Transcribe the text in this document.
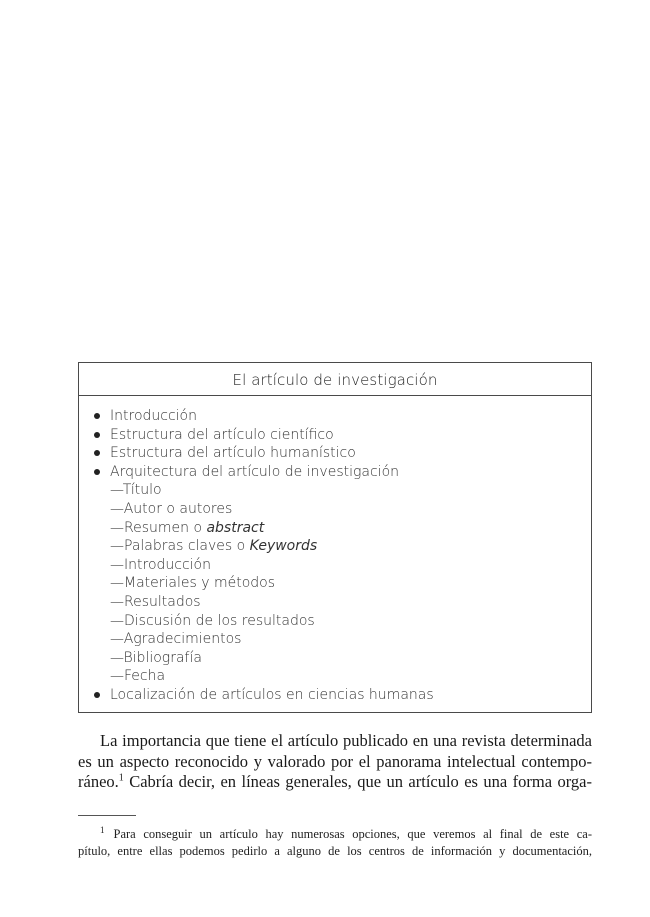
El artículo de investigación
Introducción
Estructura del artículo científico
Estructura del artículo humanístico
Arquitectura del artículo de investigación
—Título
—Autor o autores
—Resumen o abstract
—Palabras claves o Keywords
—Introducción
—Materiales y métodos
—Resultados
—Discusión de los resultados
—Agradecimientos
—Bibliografía
—Fecha
Localización de artículos en ciencias humanas
La importancia que tiene el artículo publicado en una revista determinada
es un aspecto reconocido y valorado por el panorama intelectual contempo-
ráneo.$^1$ Cabría decir, en líneas generales, que un artículo es una forma orga-
$^1$ Para conseguir un artículo hay numerosas opciones, que veremos al final de este ca-
pítulo, entre ellas podemos pedirlo a alguno de los centros de información y documentación,
